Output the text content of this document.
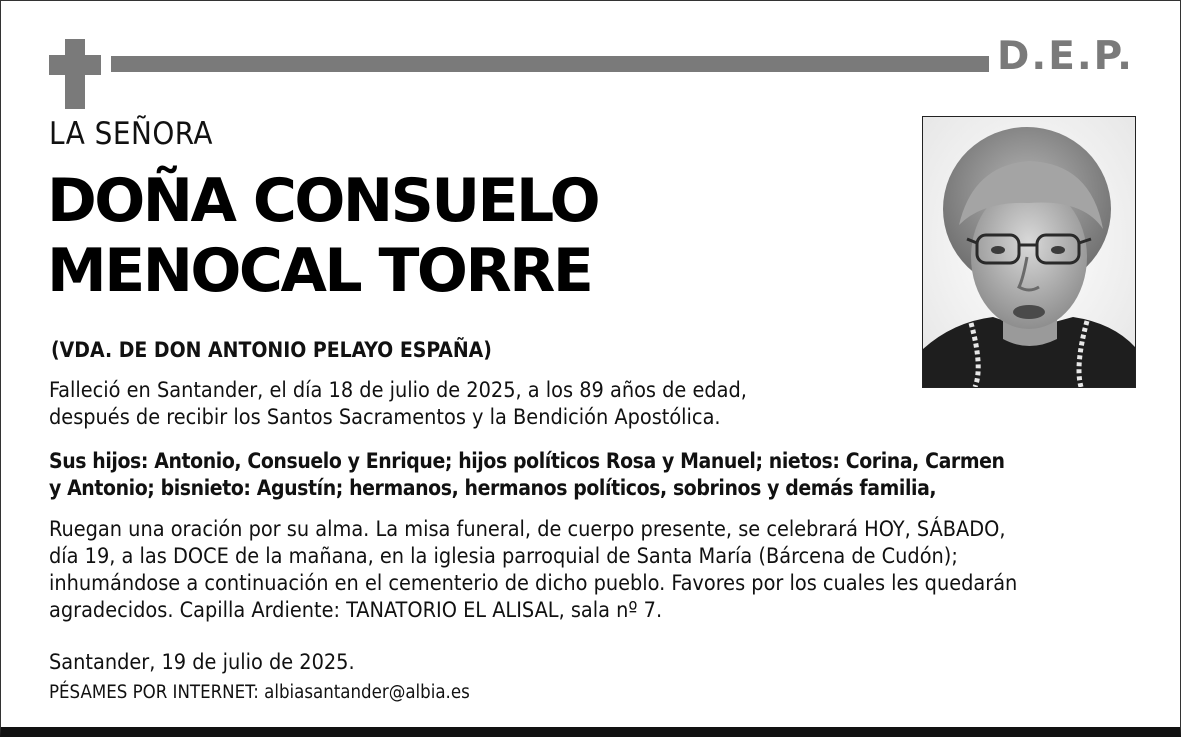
D.E.P.
LA SEÑORA
DOÑA CONSUELO
MENOCAL TORRE
(VDA. DE DON ANTONIO PELAYO ESPAÑA)
Falleció en Santander, el día 18 de julio de 2025, a los 89 años de edad,
después de recibir los Santos Sacramentos y la Bendición Apostólica.
Sus hijos: Antonio, Consuelo y Enrique; hijos políticos Rosa y Manuel; nietos: Corina, Carmen
y Antonio; bisnieto: Agustín; hermanos, hermanos políticos, sobrinos y demás familia,
Ruegan una oración por su alma. La misa funeral, de cuerpo presente, se celebrará HOY, SÁBADO,
día 19, a las DOCE de la mañana, en la iglesia parroquial de Santa María (Bárcena de Cudón);
inhumándose a continuación en el cementerio de dicho pueblo. Favores por los cuales les quedarán
agradecidos. Capilla Ardiente: TANATORIO EL ALISAL, sala nº 7.
Santander, 19 de julio de 2025.
PÉSAMES POR INTERNET: albiasantander@albia.es
